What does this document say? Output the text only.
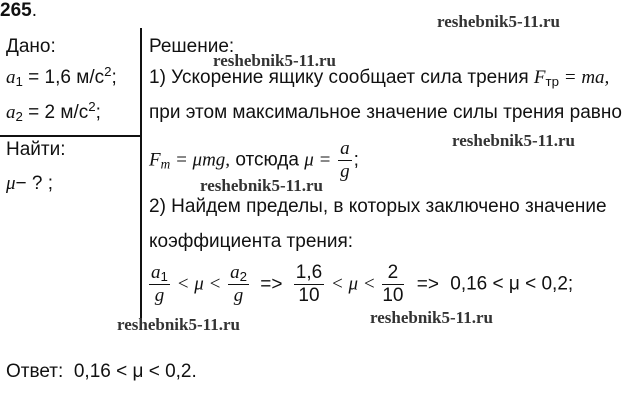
265.
Дано:
$a_1 = 1,6$ $м/с^2$;
$a_2 = 2$ $м/с^2$;
Найти:
μ− ? ;
Решение:
1) Ускорение ящику сообщает сила трения $F_{тр}$ = ma,
при этом максимальное значение силы трения равно
$F_m = \mu mg$, отсюда $\mu = \frac{a}{g}$ ;
2) Найдем пределы, в которых заключено значение
коэффициента трения:
$\frac{a_1}{g} < \mu < \frac{a_2}{g} => \frac{1,6}{10} < \mu < \frac{2}{10} => 0,16 < \mu < 0,2$;
Ответ: 0,16 < μ < 0,2.
reshebnik5-11.ru
reshebnik5-11.ru
reshebnik5-11.ru
reshebnik5-11.ru
reshebnik5-11.ru
reshebnik5-11.ru
